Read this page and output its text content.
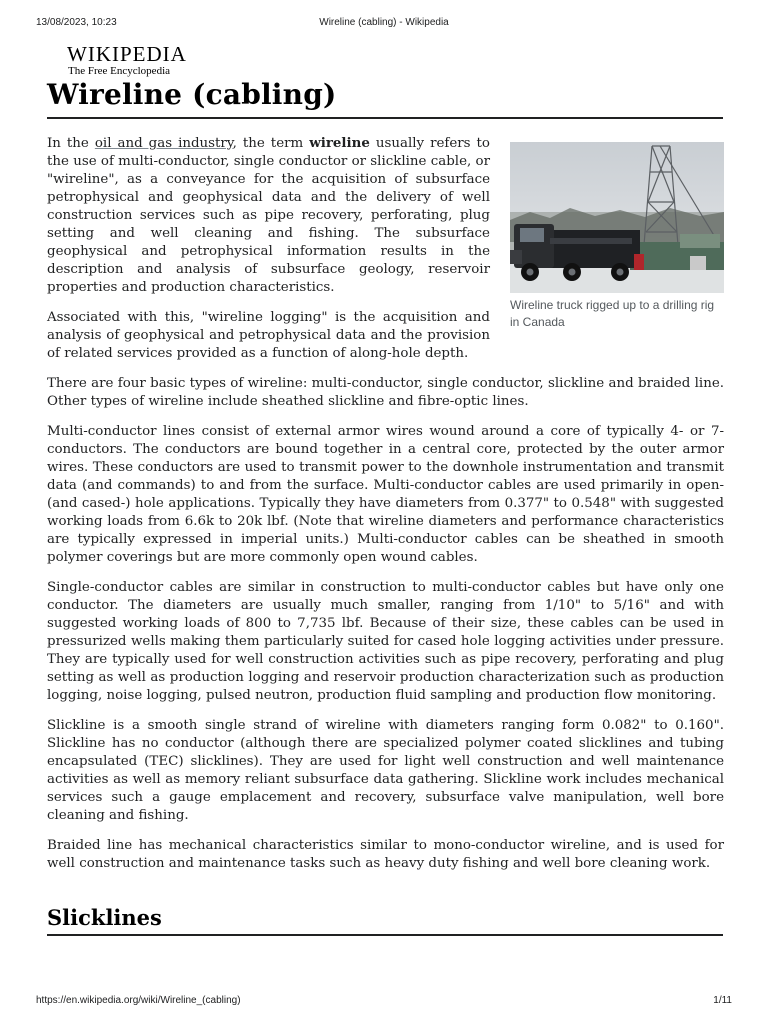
13/08/2023, 10:23	Wireline (cabling) - Wikipedia
WIKIPEDIA
The Free Encyclopedia
Wireline (cabling)
Wireline truck rigged up to a drilling rig in Canada

In the oil and gas industry, the term wireline usually refers to the use of multi-conductor, single conductor or slickline cable, or "wireline", as a conveyance for the acquisition of subsurface petrophysical and geophysical data and the delivery of well construction services such as pipe recovery, perforating, plug setting and well cleaning and fishing. The subsurface geophysical and petrophysical information results in the description and analysis of subsurface geology, reservoir properties and production characteristics.

Associated with this, "wireline logging" is the acquisition and analysis of geophysical and petrophysical data and the provision of related services provided as a function of along-hole depth.

There are four basic types of wireline: multi-conductor, single conductor, slickline and braided line. Other types of wireline include sheathed slickline and fibre-optic lines.

Multi-conductor lines consist of external armor wires wound around a core of typically 4- or 7-conductors. The conductors are bound together in a central core, protected by the outer armor wires. These conductors are used to transmit power to the downhole instrumentation and transmit data (and commands) to and from the surface. Multi-conductor cables are used primarily in open- (and cased-) hole applications. Typically they have diameters from 0.377" to 0.548" with suggested working loads from 6.6k to 20k lbf. (Note that wireline diameters and performance characteristics are typically expressed in imperial units.) Multi-conductor cables can be sheathed in smooth polymer coverings but are more commonly open wound cables.

Single-conductor cables are similar in construction to multi-conductor cables but have only one conductor. The diameters are usually much smaller, ranging from 1/10" to 5/16" and with suggested working loads of 800 to 7,735 lbf. Because of their size, these cables can be used in pressurized wells making them particularly suited for cased hole logging activities under pressure. They are typically used for well construction activities such as pipe recovery, perforating and plug setting as well as production logging and reservoir production characterization such as production logging, noise logging, pulsed neutron, production fluid sampling and production flow monitoring.

Slickline is a smooth single strand of wireline with diameters ranging form 0.082" to 0.160". Slickline has no conductor (although there are specialized polymer coated slicklines and tubing encapsulated (TEC) slicklines). They are used for light well construction and well maintenance activities as well as memory reliant subsurface data gathering. Slickline work includes mechanical services such a gauge emplacement and recovery, subsurface valve manipulation, well bore cleaning and fishing.

Braided line has mechanical characteristics similar to mono-conductor wireline, and is used for well construction and maintenance tasks such as heavy duty fishing and well bore cleaning work.

Slicklines
https://en.wikipedia.org/wiki/Wireline_(cabling)	1/11
